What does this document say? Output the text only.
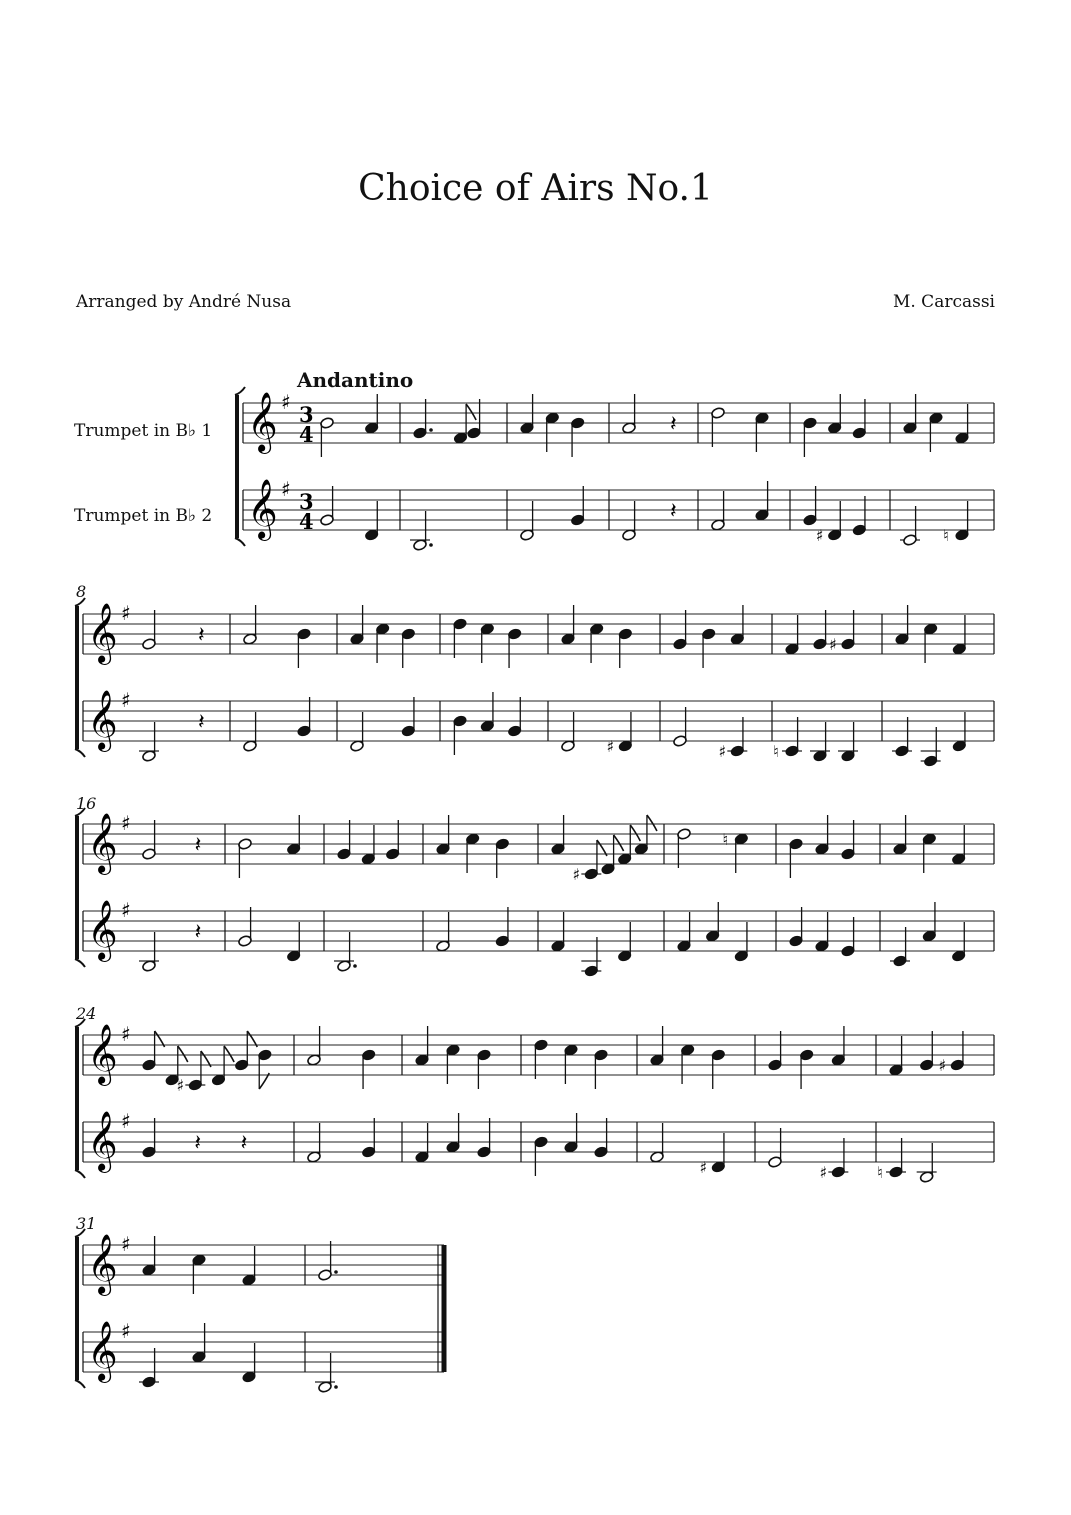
Choice of Airs No.1
Arranged by André Nusa	M. Carcassi
Andantino
Trumpet in B♭ 1
Trumpet in B♭ 2
8
16
24
31
𝄞 ♯ 3
4
𝄞 ♯ 3
4
𝄽
𝄽
♯	♮
𝄞 ♯
𝄞 ♯
𝄽
𝄽
♯	♯
♯
♮
𝄞 ♯
𝄞 ♯
𝄽
𝄽
♯
♮
𝄞 ♯
𝄞 ♯
♯
𝄽 𝄽
♯	♯
♯
♮
𝄞 ♯
𝄞 ♯
